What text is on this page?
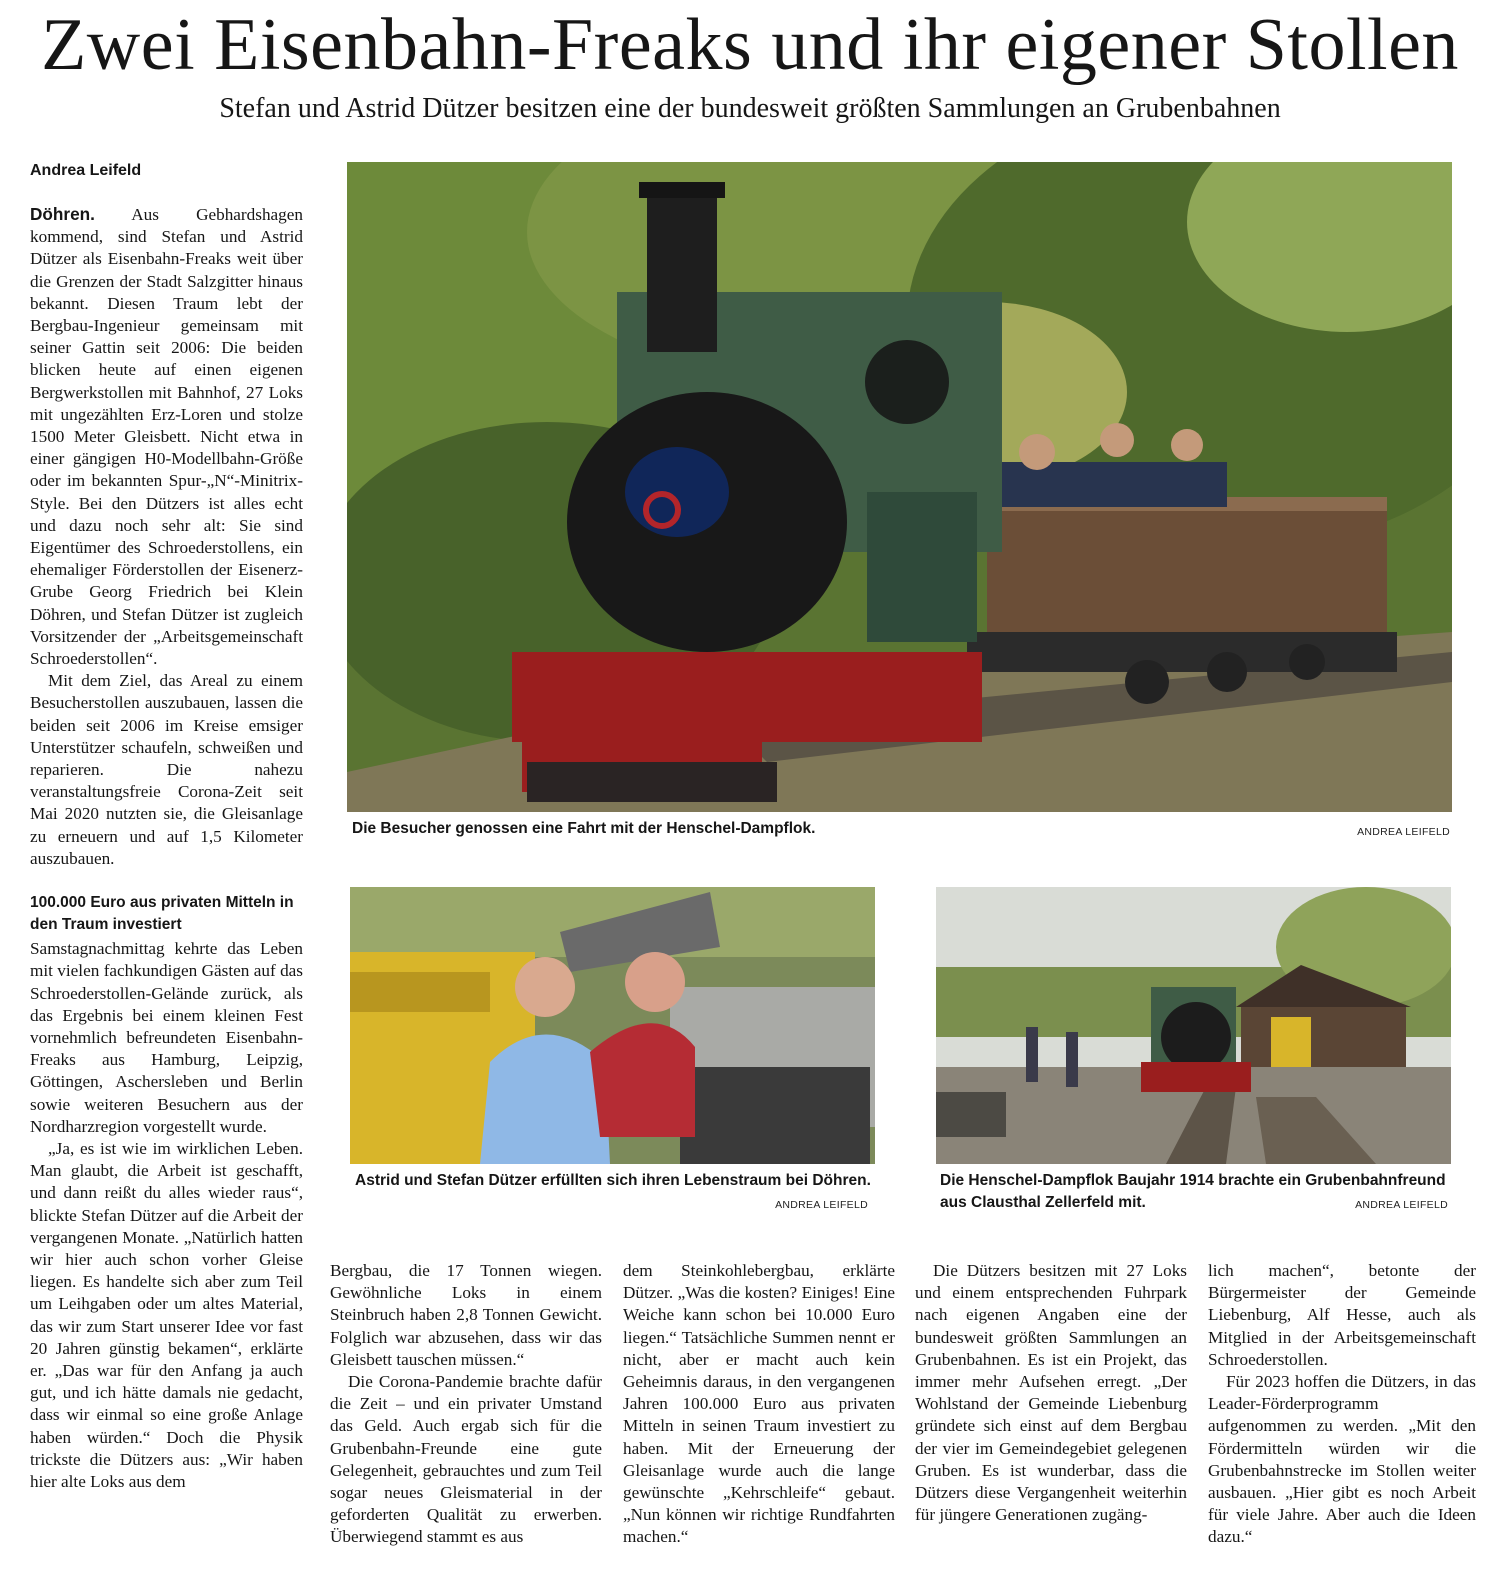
Zwei Eisenbahn-Freaks und ihr eigener Stollen
Stefan und Astrid Dützer besitzen eine der bundesweit größten Sammlungen an Grubenbahnen
Andrea Leifeld

Döhren. Aus Gebhardshagen kommend, sind Stefan und Astrid Dützer als Eisenbahn-Freaks weit über die Grenzen der Stadt Salzgitter hinaus bekannt. Diesen Traum lebt der Bergbau-Ingenieur gemeinsam mit seiner Gattin seit 2006: Die beiden blicken heute auf einen eigenen Bergwerkstollen mit Bahnhof, 27 Loks mit ungezählten Erz-Loren und stolze 1500 Meter Gleisbett. Nicht etwa in einer gängigen H0-Modellbahn-Größe oder im bekannten Spur-„N“-Minitrix-Style. Bei den Dützers ist alles echt und dazu noch sehr alt: Sie sind Eigentümer des Schroederstollens, ein ehemaliger Förderstollen der Eisenerz-Grube Georg Friedrich bei Klein Döhren, und Stefan Dützer ist zugleich Vorsitzender der „Arbeitsgemeinschaft Schroederstollen“.

Mit dem Ziel, das Areal zu einem Besucherstollen auszubauen, lassen die beiden seit 2006 im Kreise emsiger Unterstützer schaufeln, schweißen und reparieren. Die nahezu veranstaltungsfreie Corona-Zeit seit Mai 2020 nutzten sie, die Gleisanlage zu erneuern und auf 1,5 Kilometer auszubauen.

100.000 Euro aus privaten Mitteln in den Traum investiert

Samstagnachmittag kehrte das Leben mit vielen fachkundigen Gästen auf das Schroederstollen-Gelände zurück, als das Ergebnis bei einem kleinen Fest vornehmlich befreundeten Eisenbahn-Freaks aus Hamburg, Leipzig, Göttingen, Aschersleben und Berlin sowie weiteren Besuchern aus der Nordharzregion vorgestellt wurde.

„Ja, es ist wie im wirklichen Leben. Man glaubt, die Arbeit ist geschafft, und dann reißt du alles wieder raus“, blickte Stefan Dützer auf die Arbeit der vergangenen Monate. „Natürlich hatten wir hier auch schon vorher Gleise liegen. Es handelte sich aber zum Teil um Leihgaben oder um altes Material, das wir zum Start unserer Idee vor fast 20 Jahren günstig bekamen“, erklärte er. „Das war für den Anfang ja auch gut, und ich hätte damals nie gedacht, dass wir einmal so eine große Anlage haben würden.“ Doch die Physik trickste die Dützers aus: „Wir haben hier alte Loks aus dem

Die Besucher genossen eine Fahrt mit der Henschel-Dampflok.	ANDREA LEIFELD
Astrid und Stefan Dützer erfüllten sich ihren Lebenstraum bei Döhren.
ANDREA LEIFELD
Die Henschel-Dampflok Baujahr 1914 brachte ein Grubenbahnfreund aus Clausthal Zellerfeld mit.	ANDREA LEIFELD

Bergbau, die 17 Tonnen wiegen. Gewöhnliche Loks in einem Steinbruch haben 2,8 Tonnen Gewicht. Folglich war abzusehen, dass wir das Gleisbett tauschen müssen.“

Die Corona-Pandemie brachte dafür die Zeit – und ein privater Umstand das Geld. Auch ergab sich für die Grubenbahn-Freunde eine gute Gelegenheit, gebrauchtes und zum Teil sogar neues Gleismaterial in der geforderten Qualität zu erwerben. Überwiegend stammt es aus

dem Steinkohlebergbau, erklärte Dützer. „Was die kosten? Einiges! Eine Weiche kann schon bei 10.000 Euro liegen.“ Tatsächliche Summen nennt er nicht, aber er macht auch kein Geheimnis daraus, in den vergangenen Jahren 100.000 Euro aus privaten Mitteln in seinen Traum investiert zu haben. Mit der Erneuerung der Gleisanlage wurde auch die lange gewünschte „Kehrschleife“ gebaut. „Nun können wir richtige Rundfahrten machen.“

Die Dützers besitzen mit 27 Loks und einem entsprechenden Fuhrpark nach eigenen Angaben eine der bundesweit größten Sammlungen an Grubenbahnen. Es ist ein Projekt, das immer mehr Aufsehen erregt. „Der Wohlstand der Gemeinde Liebenburg gründete sich einst auf dem Bergbau der vier im Gemeindegebiet gelegenen Gruben. Es ist wunderbar, dass die Dützers diese Vergangenheit weiterhin für jüngere Generationen zugäng-

lich machen“, betonte der Bürgermeister der Gemeinde Liebenburg, Alf Hesse, auch als Mitglied in der Arbeitsgemeinschaft Schroederstollen.

Für 2023 hoffen die Dützers, in das Leader-Förderprogramm aufgenommen zu werden. „Mit den Fördermitteln würden wir die Grubenbahnstrecke im Stollen weiter ausbauen. „Hier gibt es noch Arbeit für viele Jahre. Aber auch die Ideen dazu.“
